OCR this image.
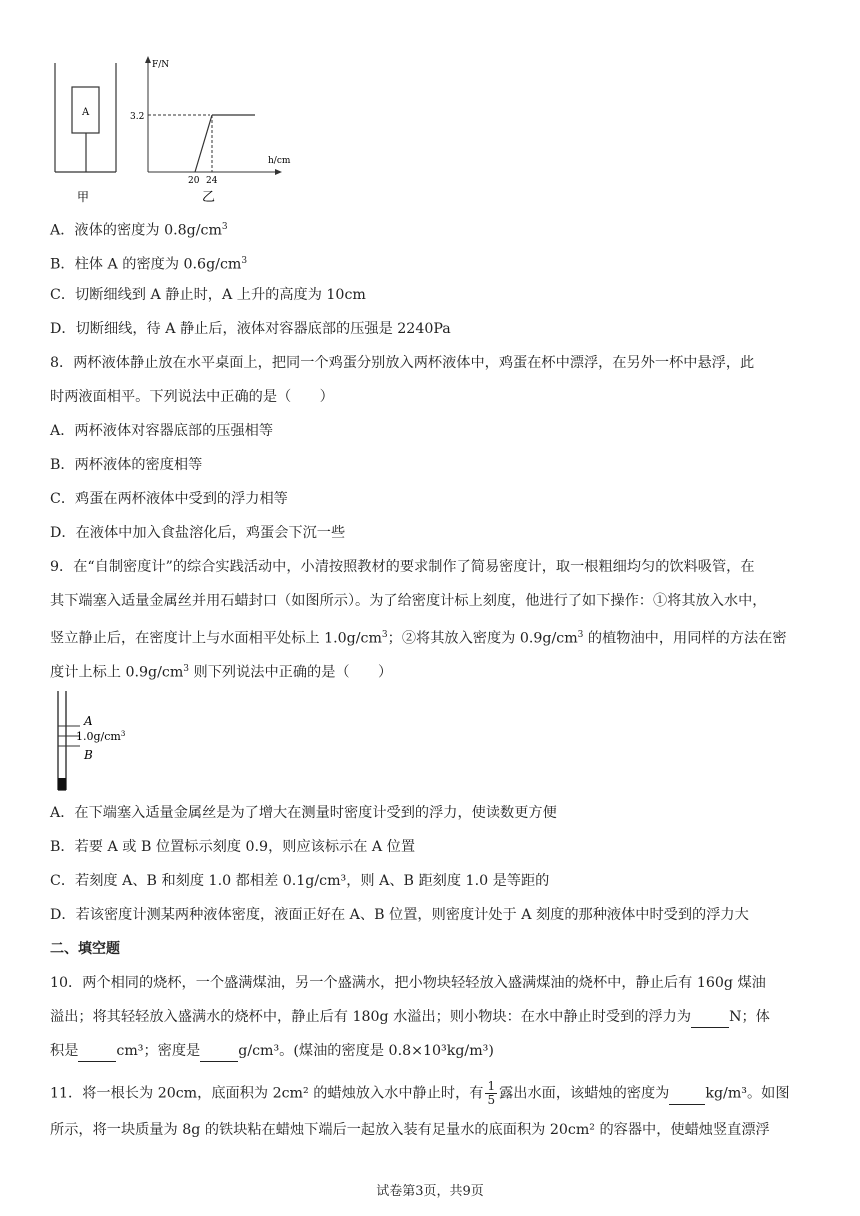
A
甲
F/N
h/cm
3.2
20 24
乙
A．液体的密度为 $0.8g/cm^3$
B．柱体 A 的密度为 $0.6g/cm^3$
C．切断细线到 A 静止时，A 上升的高度为 10cm
D．切断细线，待 A 静止后，液体对容器底部的压强是 2240Pa
8．两杯液体静止放在水平桌面上，把同一个鸡蛋分别放入两杯液体中，鸡蛋在杯中漂浮，在另外一杯中悬浮，此
时两液面相平。下列说法中正确的是（　　）
A．两杯液体对容器底部的压强相等
B．两杯液体的密度相等
C．鸡蛋在两杯液体中受到的浮力相等
D．在液体中加入食盐溶化后，鸡蛋会下沉一些
9．在“自制密度计”的综合实践活动中，小清按照教材的要求制作了简易密度计，取一根粗细均匀的饮料吸管，在
其下端塞入适量金属丝并用石蜡封口（如图所示）。为了给密度计标上刻度，他进行了如下操作：①将其放入水中，
竖立静止后，在密度计上与水面相平处标上 $1.0g/cm^3$；②将其放入密度为 $0.9g/cm^3$ 的植物油中，用同样的方法在密
度计上标上 $0.9g/cm^3$ 则下列说法中正确的是（　　）
A
$1.0g/cm^3$
B
A．在下端塞入适量金属丝是为了增大在测量时密度计受到的浮力，使读数更方便
B．若要 A 或 B 位置标示刻度 0.9，则应该标示在 A 位置
C．若刻度 A、B 和刻度 1.0 都相差 0.1g/cm³，则 A、B 距刻度 1.0 是等距的
D．若该密度计测某两种液体密度，液面正好在 A、B 位置，则密度计处于 A 刻度的那种液体中时受到的浮力大
二、填空题
10．两个相同的烧杯，一个盛满煤油，另一个盛满水，把小物块轻轻放入盛满煤油的烧杯中，静止后有 160g 煤油
溢出；将其轻轻放入盛满水的烧杯中，静止后有 180g 水溢出；则小物块：在水中静止时受到的浮力为	N；体
积是	cm³；密度是	g/cm³。(煤油的密度是 0.8×10³kg/m³)
11．将一根长为 20cm，底面积为 2cm² 的蜡烛放入水中静止时，有 $\frac{1}{5}$ 露出水面，该蜡烛的密度为	kg/m³。如图
所示，将一块质量为 8g 的铁块粘在蜡烛下端后一起放入装有足量水的底面积为 20cm² 的容器中，使蜡烛竖直漂浮
试卷第3页，共9页
